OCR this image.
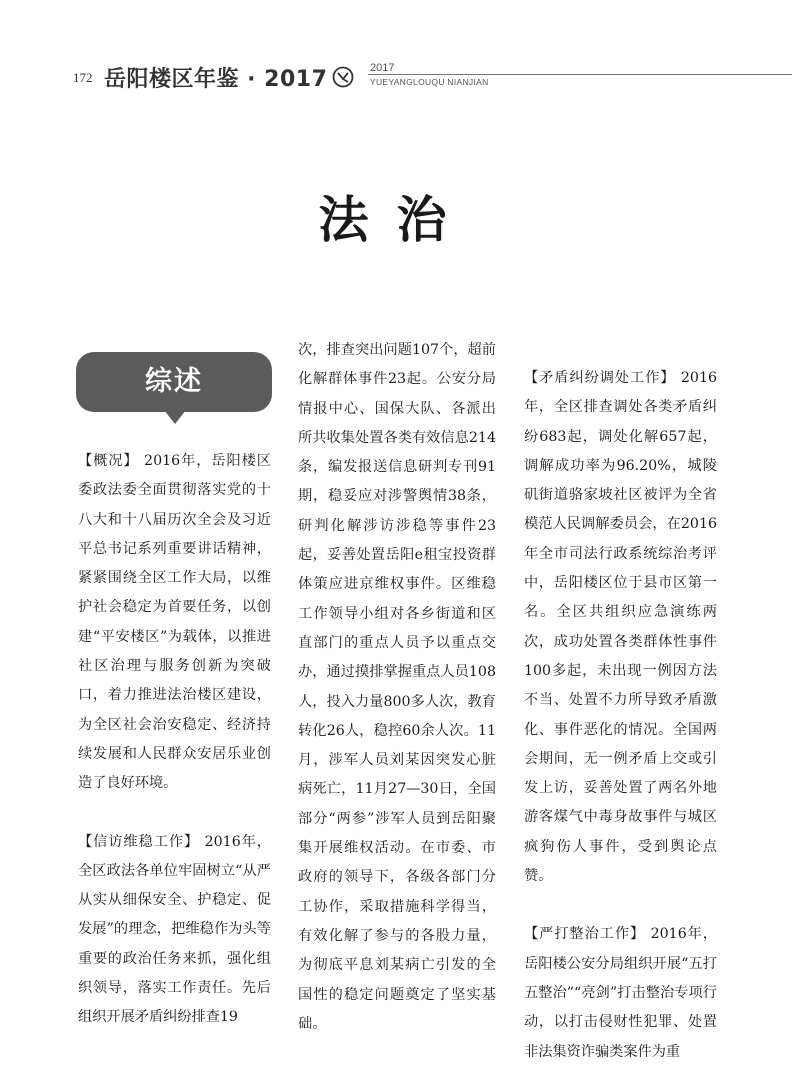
172 岳阳楼区年鉴 · 2017	2017
YUEYANGLOUQU NIANJIAN
法治
综述

【概况】 2016年，岳阳楼区委政法委全面贯彻落实党的十八大和十八届历次全会及习近平总书记系列重要讲话精神，紧紧围绕全区工作大局，以维护社会稳定为首要任务，以创建“平安楼区”为载体，以推进社区治理与服务创新为突破口，着力推进法治楼区建设，为全区社会治安稳定、经济持续发展和人民群众安居乐业创造了良好环境。

【信访维稳工作】 2016年，全区政法各单位牢固树立“从严从实从细保安全、护稳定、促发展”的理念，把维稳作为头等重要的政治任务来抓，强化组织领导，落实工作责任。先后组织开展矛盾纠纷排查19

次，排查突出问题107个，超前化解群体事件23起。公安分局情报中心、国保大队、各派出所共收集处置各类有效信息214条，编发报送信息研判专刊91期，稳妥应对涉警舆情38条，研判化解涉访涉稳等事件23起，妥善处置岳阳e租宝投资群体策应进京维权事件。区维稳工作领导小组对各乡街道和区直部门的重点人员予以重点交办，通过摸排掌握重点人员108人，投入力量800多人次，教育转化26人，稳控60余人次。11月，涉军人员刘某因突发心脏病死亡，11月27—30日，全国部分“两参”涉军人员到岳阳聚集开展维权活动。在市委、市政府的领导下，各级各部门分工协作，采取措施科学得当，有效化解了参与的各股力量，为彻底平息刘某病亡引发的全国性的稳定问题奠定了坚实基础。

【矛盾纠纷调处工作】 2016年，全区排查调处各类矛盾纠纷683起，调处化解657起，调解成功率为96.20%，城陵矶街道骆家坡社区被评为全省模范人民调解委员会，在2016年全市司法行政系统综治考评中，岳阳楼区位于县市区第一名。全区共组织应急演练两次，成功处置各类群体性事件100多起，未出现一例因方法不当、处置不力所导致矛盾激化、事件恶化的情况。全国两会期间，无一例矛盾上交或引发上访，妥善处置了两名外地游客煤气中毒身故事件与城区疯狗伤人事件，受到舆论点赞。

【严打整治工作】 2016年，岳阳楼公安分局组织开展“五打五整治”“亮剑”打击整治专项行动，以打击侵财性犯罪、处置非法集资诈骗类案件为重
